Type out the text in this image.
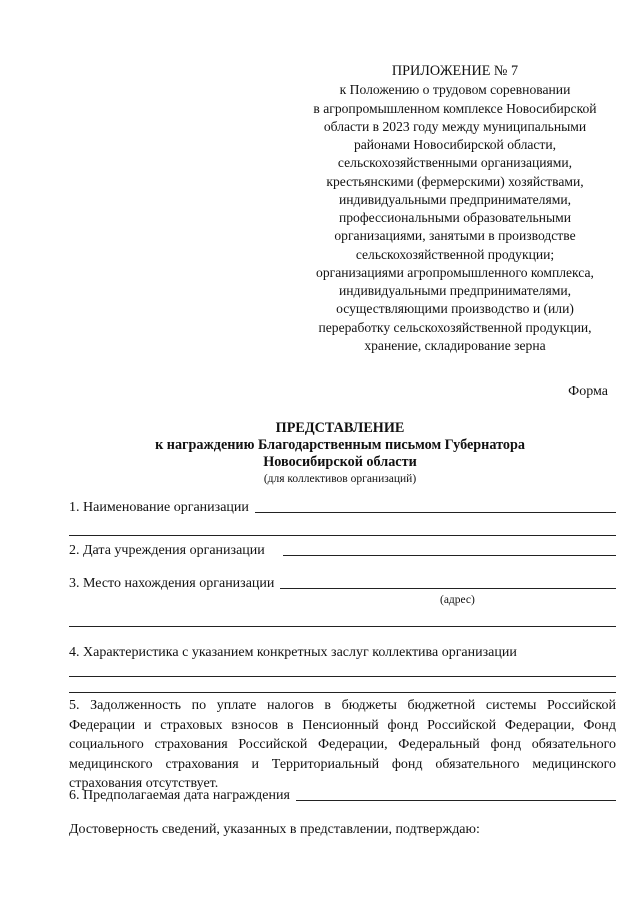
ПРИЛОЖЕНИЕ № 7
к Положению о трудовом соревновании
в агропромышленном комплексе Новосибирской
области в 2023 году между муниципальными
районами Новосибирской области,
сельскохозяйственными организациями,
крестьянскими (фермерскими) хозяйствами,
индивидуальными предпринимателями,
профессиональными образовательными
организациями, занятыми в производстве
сельскохозяйственной продукции;
организациями агропромышленного комплекса,
индивидуальными предпринимателями,
осуществляющими производство и (или)
переработку сельскохозяйственной продукции,
хранение, складирование зерна
Форма
ПРЕДСТАВЛЕНИЕ
к награждению Благодарственным письмом Губернатора
Новосибирской области
(для коллективов организаций)
1. Наименование организации
2. Дата учреждения организации
3. Место нахождения организации
(адрес)
4. Характеристика с указанием конкретных заслуг коллектива организации
5. Задолженность по уплате налогов в бюджеты бюджетной системы Российской Федерации и страховых взносов в Пенсионный фонд Российской Федерации, Фонд социального страхования Российской Федерации, Федеральный фонд обязательного медицинского страхования и Территориальный фонд обязательного медицинского страхования отсутствует.
6. Предполагаемая дата награждения
Достоверность сведений, указанных в представлении, подтверждаю:
